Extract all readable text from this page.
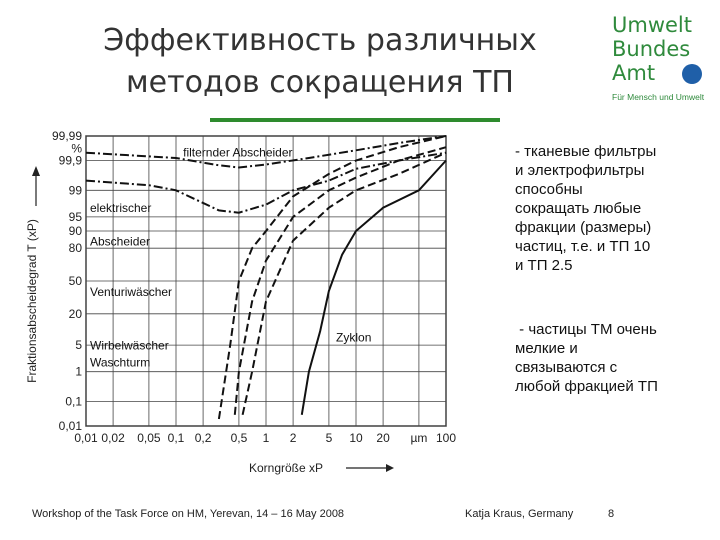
Эффективность различных
методов сокращения ТП
Umwelt
Bundes
Amt
Für Mensch und Umwelt
99,99
%
99,9
99
95
90
80
50
20
5
1
0,1
0,01
0,01 0,02 0,05 0,1 0,2 0,5 1 2 5 10 20 µm 100
Korngröße xP
Fraktionsabscheidegrad T (xP)
filternder Abscheider
elektrischer
Abscheider
Venturiwäscher
Wirbelwäscher
Waschturm
Zyklon
- тканевые фильтры
и электрофильтры
способны
сокращать любые
фракции (размеры)
частиц, т.е. и ТП 10
и ТП 2.5
- частицы ТМ очень
мелкие и
связываются с
любой фракцией ТП
Workshop of the Task Force on HM, Yerevan, 14 – 16 May 2008	Katja Kraus, Germany	8
